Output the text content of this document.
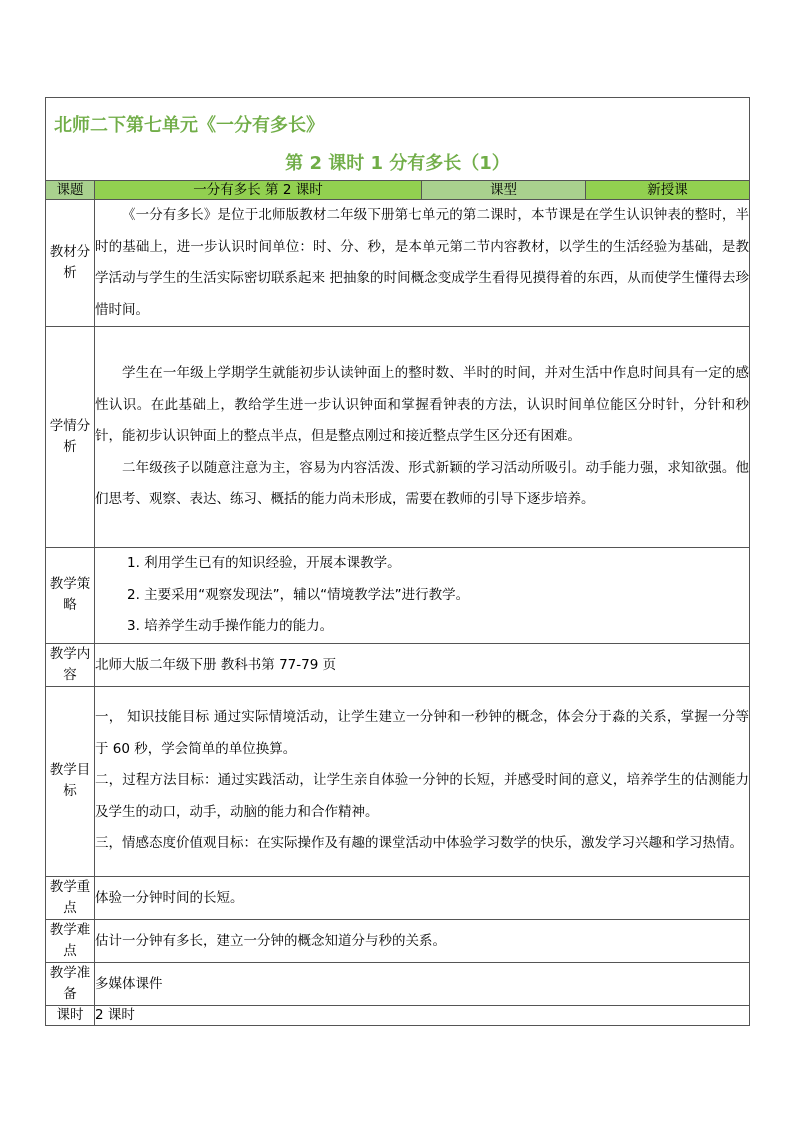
北师二下第七单元《一分有多长》
第 2 课时 1 分有多长（1）			

课题	一分有多长 第 2 课时	课型	新授课
教材分析	《一分有多长》是位于北师版教材二年级下册第七单元的第二课时，本节课是在学生认识钟表的整时，半时的基础上，进一步认识时间单位：时、分、秒，是本单元第二节内容教材，以学生的生活经验为基础，是教学活动与学生的生活实际密切联系起来 把抽象的时间概念变成学生看得见摸得着的东西，从而使学生懂得去珍惜时间。		

学情分析	学生在一年级上学期学生就能初步认读钟面上的整时数、半时的时间，并对生活中作息时间具有一定的感性认识。在此基础上，教给学生进一步认识钟面和掌握看钟表的方法，认识时间单位能区分时针，分针和秒针，能初步认识钟面上的整点半点，但是整点刚过和接近整点学生区分还有困难。

二年级孩子以随意注意为主，容易为内容活泼、形式新颖的学习活动所吸引。动手能力强，求知欲强。他们思考、观察、表达、练习、概括的能力尚未形成，需要在教师的引导下逐步培养。		

教学策略	1. 利用学生已有的知识经验，开展本课教学。

2. 主要采用“观察发现法”，辅以“情境教学法”进行教学。

3. 培养学生动手操作能力的能力。		

教学内容	北师大版二年级下册 教科书第 77-79 页		
教学目标	一， 知识技能目标 通过实际情境活动，让学生建立一分钟和一秒钟的概念，体会分于淼的关系，掌握一分等于 60 秒，学会简单的单位换算。

二，过程方法目标：通过实践活动，让学生亲自体验一分钟的长短，并感受时间的意义，培养学生的估测能力及学生的动口，动手，动脑的能力和合作精神。

三，情感态度价值观目标：在实际操作及有趣的课堂活动中体验学习数学的快乐，激发学习兴趣和学习热情。		

教学重点	体验一分钟时间的长短。		
教学难点	估计一分钟有多长，建立一分钟的概念知道分与秒的关系。		
教学准备	多媒体课件		
课时	2 课时		
